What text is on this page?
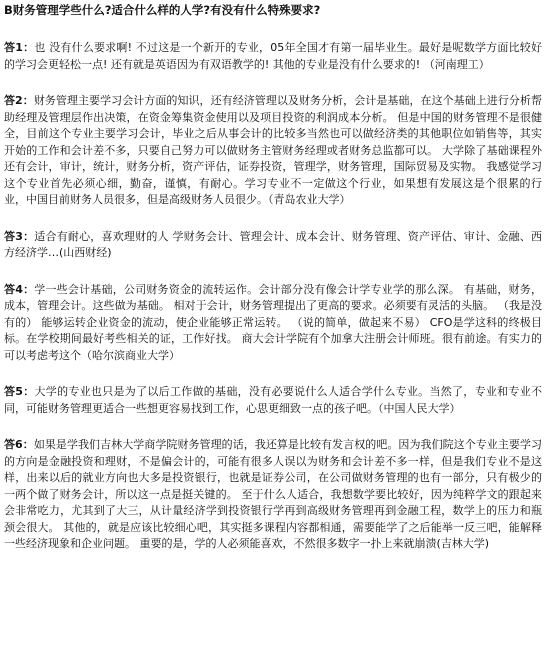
B财务管理学些什么?适合什么样的人学?有没有什么特殊要求?
答1：也 没有什么要求啊! 不过这是一个新开的专业，05年全国才有第一届毕业生。最好是呢数学方面比较好的学习会更轻松一点! 还有就是英语因为有双语教学的! 其他的专业是没有什么要求的! （河南理工）
答2：财务管理主要学习会计方面的知识，还有经济管理以及财务分析，会计是基础，在这个基础上进行分析帮助经理及管理层作出决策，在资金筹集资金使用以及项目投资的利润成本分析。 但是中国的财务管理不是很健全，目前这个专业主要学习会计，毕业之后从事会计的比较多当然也可以做经济类的其他职位如销售等，其实开始的工作和会计差不多，只要自己努力可以做财务主管财务经理或者财务总监都可以。 大学除了基础课程外还有会计，审计，统计，财务分析，资产评估，证券投资，管理学，财务管理，国际贸易及实物。 我感觉学习这个专业首先必须心细，勤奋，谨慎，有耐心。学习专业不一定做这个行业，如果想有发展这是个很累的行业，中国目前财务人员很多，但是高级财务人员很少。（青岛农业大学）
答3：适合有耐心，喜欢理财的人 学财务会计、管理会计、成本会计、财务管理、资产评估、审计、金融、西方经济学…(山西财经)
答4：学一些会计基础，公司财务资金的流转运作。会计部分没有像会计学专业学的那么深。 有基础，财务，成本，管理会计。这些做为基础。 相对于会计，财务管理提出了更高的要求。必须要有灵活的头脑。 （我是没有的） 能够运转企业资金的流动，使企业能够正常运转。 （说的简单，做起来不易） CFO是学这科的终极目标。在学校期间最好考些相关的证，工作好找。 商大会计学院有个加拿大注册会计师班。很有前途。有实力的可以考虑考这个（哈尔滨商业大学）
答5：大学的专业也只是为了以后工作做的基础，没有必要说什么人适合学什么专业。当然了，专业和专业不同，可能财务管理更适合一些想更容易找到工作，心思更细致一点的孩子吧。（中国人民大学）
答6：如果是学我们吉林大学商学院财务管理的话，我还算是比较有发言权的吧。因为我们院这个专业主要学习的方向是金融投资和理财，不是偏会计的，可能有很多人误以为财务和会计差不多一样，但是我们专业不是这样，出来以后的就业方向也大多是投资银行，也就是证券公司，在公司做财务管理的也有一部分，只有极少的一两个做了财务会计，所以这一点是挺关键的。 至于什么人适合，我想数学要比较好，因为纯粹学文的跟起来会非常吃力，尤其到了大三，从计量经济学到投资银行学再到高级财务管理再到金融工程，数学上的压力和瓶颈会很大。 其他的，就是应该比较细心吧，其实挺多课程内容都相通，需要能学了之后能举一反三吧，能解释一些经济现象和企业问题。 重要的是，学的人必须能喜欢，不然很多数字一扑上来就崩溃(吉林大学)
